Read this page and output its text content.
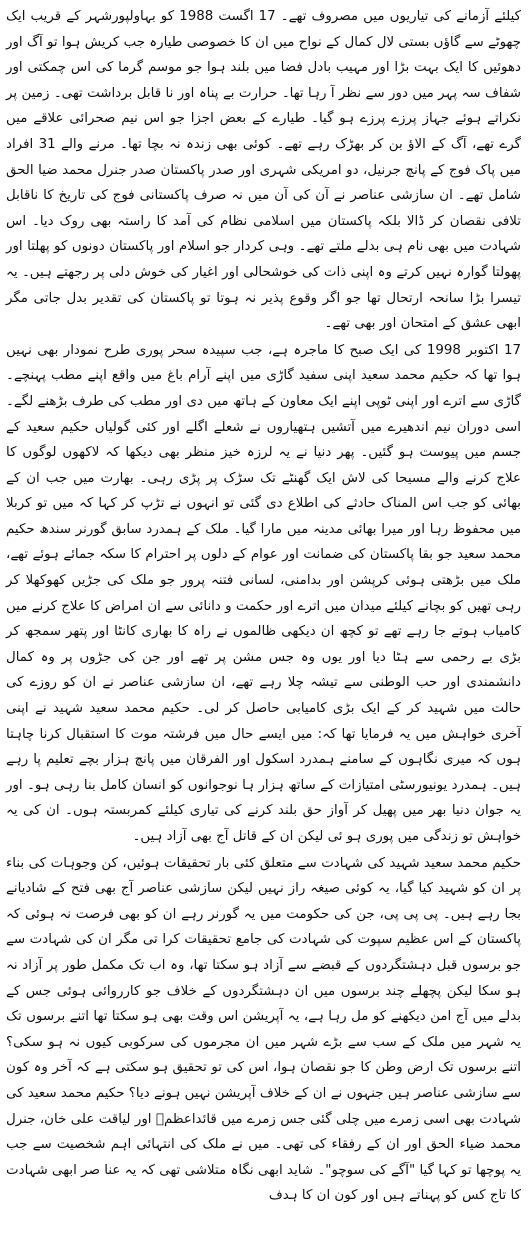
کیلئے آزمانے کی تیاریوں میں مصروف تھے۔ 17 اگست 1988 کو بہاولپورشہر کے قریب ایک چھوٹے سے گاؤں بستی لال کمال کے نواح میں ان کا خصوصی طیارہ جب کریش ہوا تو آگ اور دھوئیں کا ایک بہت بڑا اور مہیب بادل فضا میں بلند ہوا جو موسم گرما کی اس چمکتی اور شفاف سہ پہر میں دور سے نظر آ رہا تھا۔ حرارت بے پناہ اور نا قابل برداشت تھی۔ زمین پر نکراتے ہوئے جہاز پرزے پرزے ہو گیا۔ طیارے کے بعض اجزا جو اس نیم صحرائی علاقے میں گرے تھے، آگ کے الاؤ بن کر بھڑک رہے تھے۔ کوئی بھی زندہ نہ بچا تھا۔ مرنے والے 31 افراد میں پاک فوج کے پانچ جرنیل، دو امریکی شہری اور صدر پاکستان صدر جنرل محمد ضیا الحق شامل تھے۔ ان سازشی عناصر نے آن کی آن میں نہ صرف پاکستانی فوج کی تاریخ کا ناقابل تلافی نقصان کر ڈالا بلکہ پاکستان میں اسلامی نظام کی آمد کا راستہ بھی روک دیا۔ اس شہادت میں بھی نام ہی بدلے ملتے تھے۔ وہی کردار جو اسلام اور پاکستان دونوں کو پھلتا اور پھولتا گوارہ نہیں کرتے وہ اپنی ذات کی خوشحالی اور اغیار کی خوش دلی پر رجھتے ہیں۔ یہ تیسرا بڑا سانحہ ارتحال تھا جو اگر وقوع پذیر نہ ہوتا تو پاکستان کی تقدیر بدل جاتی مگر ابھی عشق کے امتحان اور بھی تھے۔

17 اکتوبر 1998 کی ایک صبح کا ماجرہ ہے، جب سپیدہ سحر پوری طرح نمودار بھی نہیں ہوا تھا کہ حکیم محمد سعید اپنی سفید گاڑی میں اپنے آرام باغ میں واقع اپنے مطب پہنچے۔ گاڑی سے اترے اور اپنی ٹوپی اپنے ایک معاون کے ہاتھ میں دی اور مطب کی طرف بڑھنے لگے۔ اسی دوران نیم اندھیرے میں آتشیں ہتھیاروں نے شعلے اگلے اور کئی گولیاں حکیم سعید کے جسم میں پیوست ہو گئیں۔ پھر دنیا نے یہ لرزہ خیز منظر بھی دیکھا کہ لاکھوں لوگوں کا علاج کرنے والے مسیحا کی لاش ایک گھنٹے تک سڑک پر پڑی رہی۔ بھارت میں جب ان کے بھائی کو جب اس المناک حادثے کی اطلاع دی گئی تو انہوں نے تڑپ کر کہا کہ میں تو کربلا میں محفوظ رہا اور میرا بھائی مدینہ میں مارا گیا۔ ملک کے ہمدرد سابق گورنر سندھ حکیم محمد سعید جو بقا پاکستان کی ضمانت اور عوام کے دلوں پر احترام کا سکہ جمائے ہوئے تھے، ملک میں بڑھتی ہوئی کرپشن اور بدامنی، لسانی فتنہ پرور جو ملک کی جڑیں کھوکھلا کر رہی تھیں کو بچانے کیلئے میدان میں اترے اور حکمت و دانائی سے ان امراض کا علاج کرنے میں کامیاب ہوتے جا رہے تھے تو کچھ ان دیکھی ظالموں نے راہ کا بھاری کانٹا اور پتھر سمجھ کر بڑی بے رحمی سے ہٹا دیا اور یوں وہ جس مشن پر تھے اور جن کی جڑوں پر وہ کمال دانشمندی اور حب الوطنی سے تیشہ چلا رہے تھے، ان سازشی عناصر نے ان کو روزے کی حالت میں شہید کر کے ایک بڑی کامیابی حاصل کر لی۔ حکیم محمد سعید شہید نے اپنی آخری خواہش میں یہ فرمایا تھا کہ: میں ایسے حال میں فرشتہ موت کا استقبال کرنا چاہتا ہوں کہ میری نگاہوں کے سامنے ہمدرد اسکول اور الفرقان میں پانچ ہزار بچے تعلیم پا رہے ہیں۔ ہمدرد یونیورسٹی امتیازات کے ساتھ ہزار ہا نوجوانوں کو انسان کامل بنا رہی ہو۔ اور یہ جوان دنیا بھر میں پھیل کر آواز حق بلند کرنے کی تیاری کیلئے کمربستہ ہوں۔ ان کی یہ خواہش تو زندگی میں پوری ہو ئی لیکن ان کے قاتل آج بھی آزاد ہیں۔

حکیم محمد سعید شہید کی شہادت سے متعلق کئی بار تحقیقات ہوئیں، کن وجوہات کی بناء پر ان کو شہید کیا گیا، یہ کوئی صیغہ راز نہیں لیکن سازشی عناصر آج بھی فتح کے شادیانے بجا رہے ہیں۔ پی پی پی، جن کی حکومت میں یہ گورنر رہے ان کو بھی فرصت نہ ہوئی کہ پاکستان کے اس عظیم سپوت کی شہادت کی جامع تحقیقات کرا تی مگر ان کی شہادت سے جو برسوں قبل دہشتگردوں کے قبضے سے آزاد ہو سکتا تھا، وہ اب تک مکمل طور پر آزاد نہ ہو سکا لیکن پچھلے چند برسوں میں ان دہشتگردوں کے خلاف جو کارروائی ہوئی جس کے بدلے میں آج امن دیکھنے کو مل رہا ہے، یہ آپریشن اس وقت بھی ہو سکتا تھا اتنے برسوں تک یہ شہر میں ملک کے سب سے بڑے شہر میں ان مجرموں کی سرکوبی کیوں نہ ہو سکی؟ اتنے برسوں تک ارض وطن کا جو نقصان ہوا، اس کی تو تحقیق ہو سکتی ہے کہ آخر وہ کون سے سازشی عناصر ہیں جنہوں نے ان کے خلاف آپریشن نہیں ہونے دیا؟ حکیم محمد سعید کی شہادت بھی اسی زمرے میں چلی گئی جس زمرے میں قائداعظمؒ اور لیاقت علی خان، جنرل محمد ضیاء الحق اور ان کے رفقاء کی تھی۔ میں نے ملک کی انتہائی اہم شخصیت سے جب یہ پوچھا تو کہا گیا "آگے کی سوچو"۔ شاید ابھی نگاہ متلاشی تھی کہ یہ عنا صر ابھی شہادت کا تاج کس کو پہناتے ہیں اور کون ان کا ہدف
